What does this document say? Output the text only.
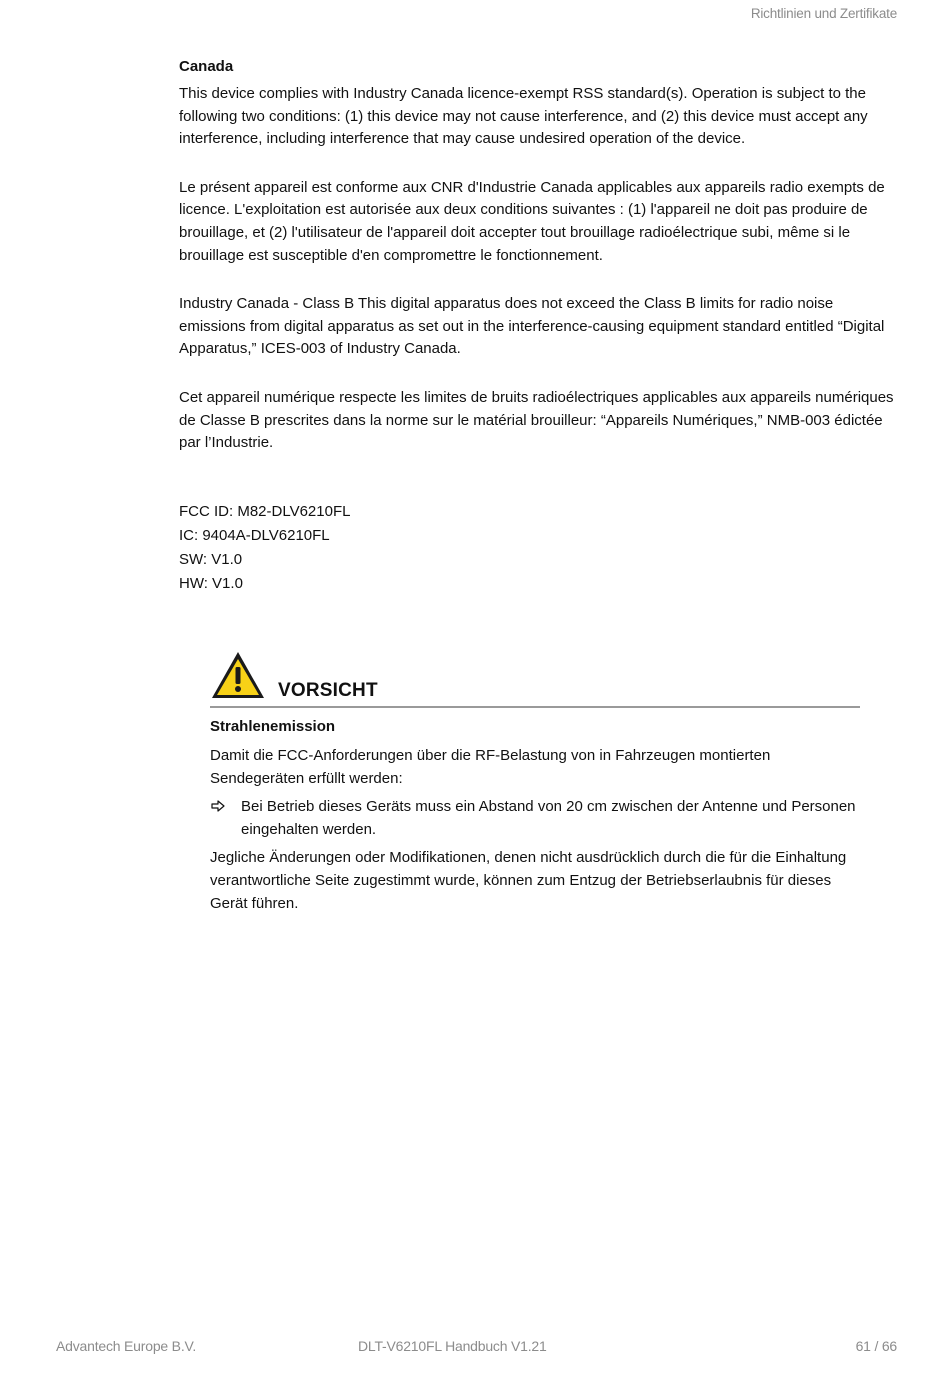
Richtlinien und Zertifikate
Canada

This device complies with Industry Canada licence-exempt RSS standard(s). Operation is subject to the following two conditions: (1) this device may not cause interference, and (2) this device must accept any interference, including interference that may cause undesired operation of the device.

Le présent appareil est conforme aux CNR d'Industrie Canada applicables aux appareils radio exempts de licence. L'exploitation est autorisée aux deux conditions suivantes : (1) l'appareil ne doit pas produire de brouillage, et (2) l'utilisateur de l'appareil doit accepter tout brouillage radioélectrique subi, même si le brouillage est susceptible d'en compromettre le fonctionnement.

Industry Canada - Class B This digital apparatus does not exceed the Class B limits for radio noise emissions from digital apparatus as set out in the interference-causing equipment standard entitled “Digital Apparatus,” ICES-003 of Industry Canada.

Cet appareil numérique respecte les limites de bruits radioélectriques applicables aux appareils numériques de Classe B prescrites dans la norme sur le matérial brouilleur: “Appareils Numériques,” NMB-003 édictée par l’Industrie.

FCC ID: M82-DLV6210FL
IC: 9404A-DLV6210FL
SW: V1.0
HW: V1.0
VORSICHT
Strahlenemission

Damit die FCC-Anforderungen über die RF-Belastung von in Fahrzeugen montierten Sendegeräten erfüllt werden:

Bei Betrieb dieses Geräts muss ein Abstand von 20 cm zwischen der Antenne und Personen eingehalten werden.

Jegliche Änderungen oder Modifikationen, denen nicht ausdrücklich durch die für die Einhaltung verantwortliche Seite zugestimmt wurde, können zum Entzug der Betriebserlaubnis für dieses Gerät führen.

Advantech Europe B.V.	DLT-V6210FL Handbuch V1.21	61 / 66
